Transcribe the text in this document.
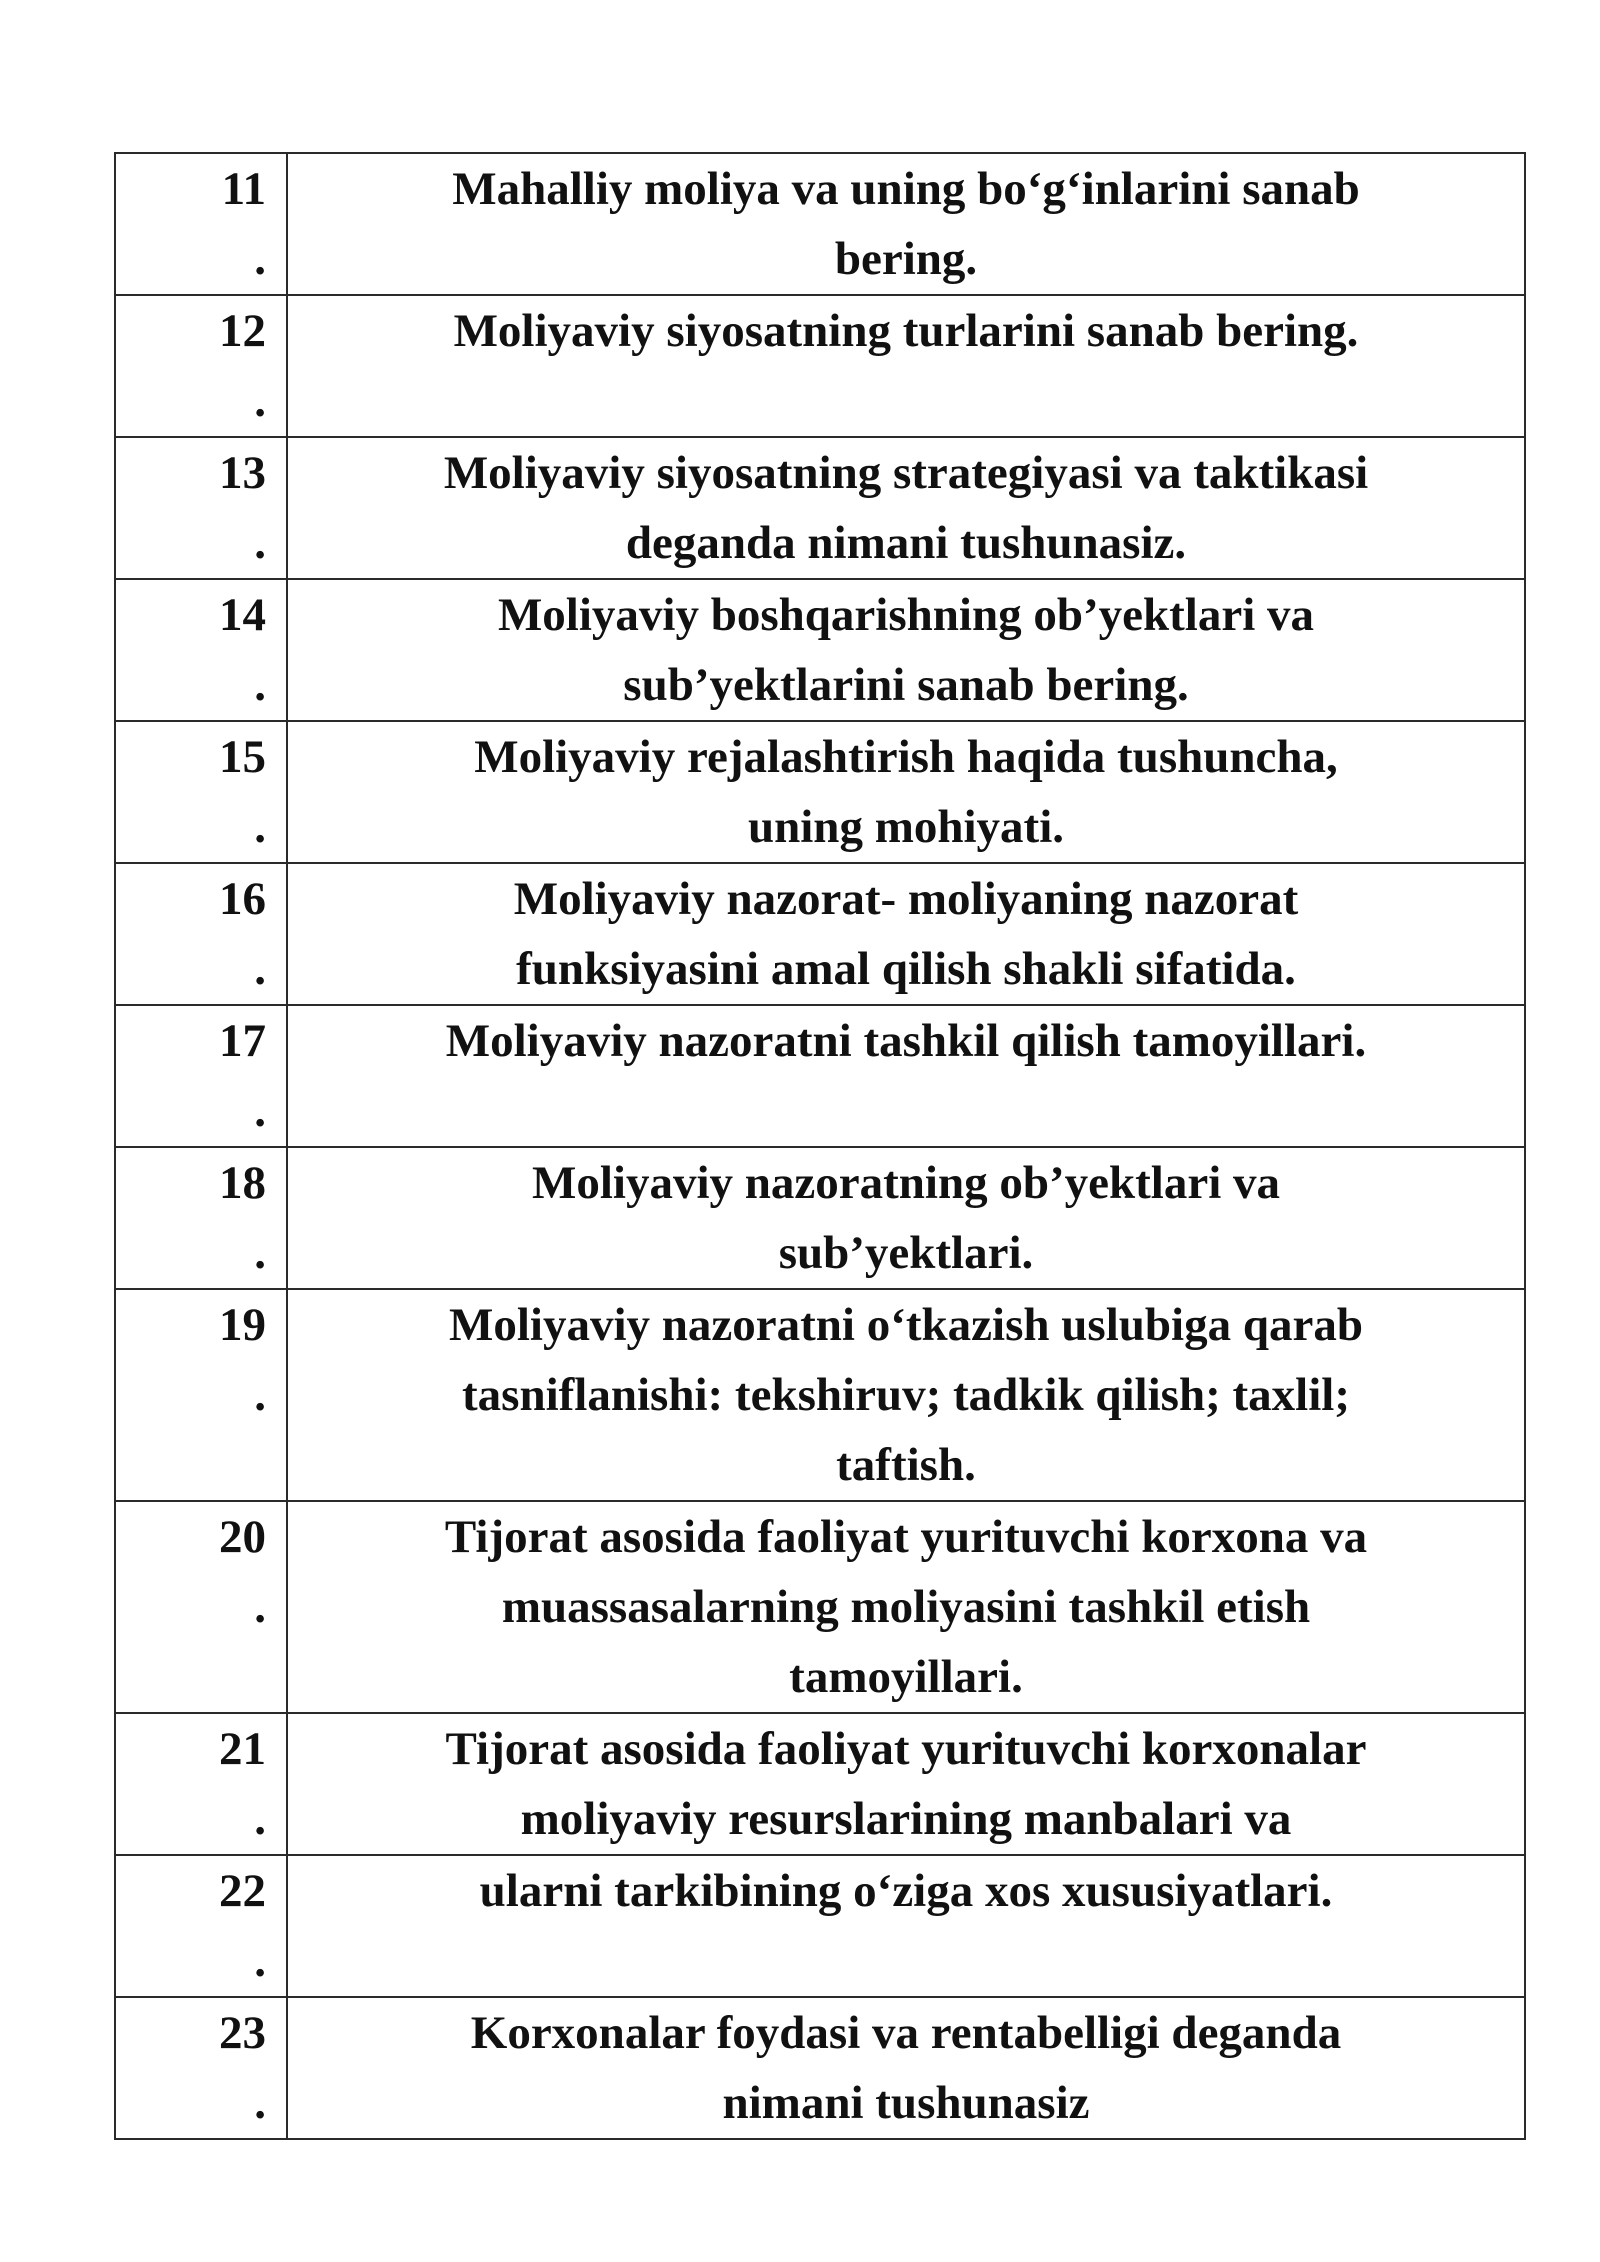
11
.	Mahalliy moliya va uning bo‘g‘inlarini sanab
bering.

12
.	Moliyaviy siyosatning turlarini sanab bering.

13
.	Moliyaviy siyosatning strategiyasi va taktikasi
deganda nimani tushunasiz.

14
.	Moliyaviy boshqarishning ob’yektlari va
sub’yektlarini sanab bering.

15
.	Moliyaviy rejalashtirish haqida tushuncha,
uning mohiyati.

16
.	Moliyaviy nazorat- moliyaning nazorat
funksiyasini amal qilish shakli sifatida.

17
.	Moliyaviy nazoratni tashkil qilish tamoyillari.

18
.	Moliyaviy nazoratning ob’yektlari va
sub’yektlari.

19
.	Moliyaviy nazoratni o‘tkazish uslubiga qarab
tasniflanishi: tekshiruv; tadkik qilish; taxlil;
taftish.

20
.	Tijorat asosida faoliyat yurituvchi korxona va
muassasalarning moliyasini tashkil etish
tamoyillari.

21
.	Tijorat asosida faoliyat yurituvchi korxonalar
moliyaviy resurslarining manbalari va

22
.	ularni tarkibining o‘ziga xos xususiyatlari.

23
.	Korxonalar foydasi va rentabelligi deganda
nimani tushunasiz
